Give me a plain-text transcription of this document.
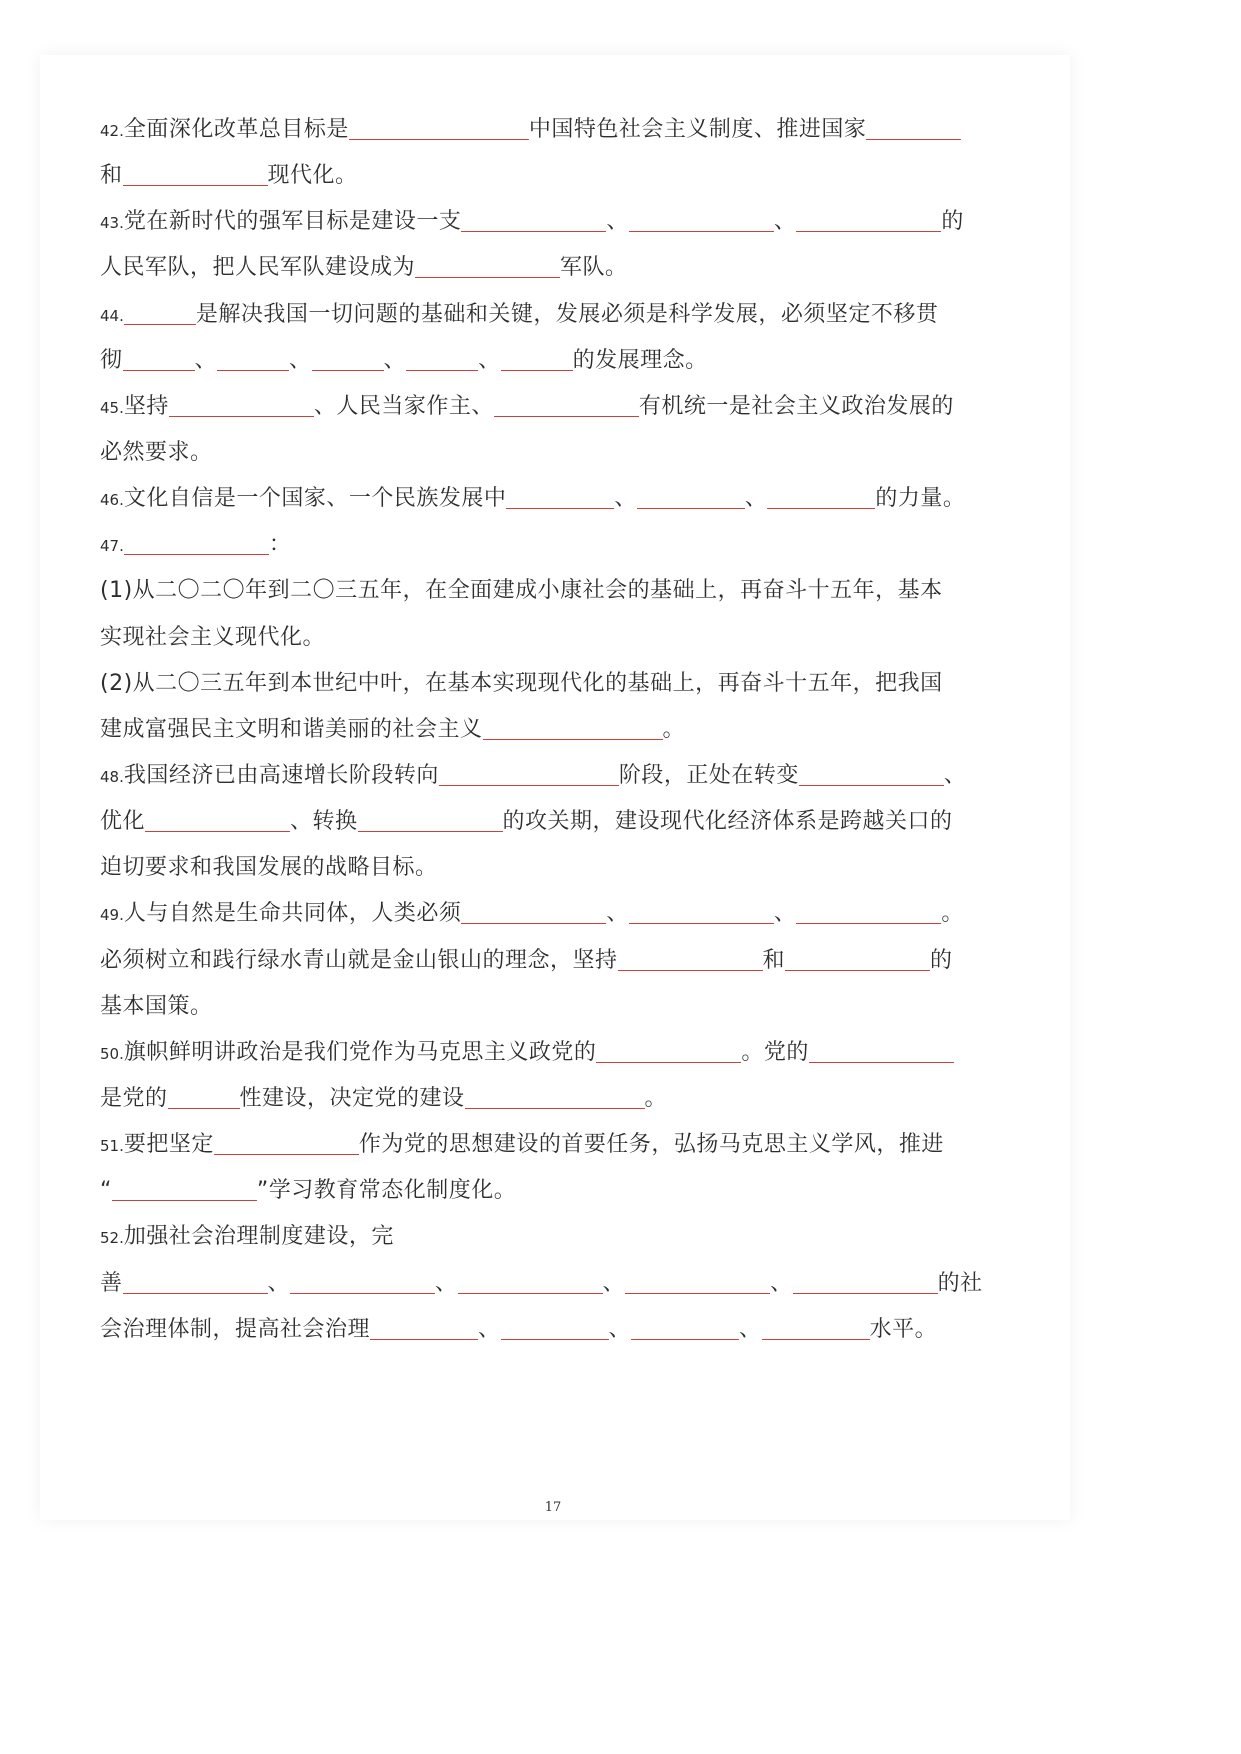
42.全面深化改革总目标是	中国特色社会主义制度、推进国家
和	现代化。
43.党在新时代的强军目标是建设一支	、	、	的
人民军队，把人民军队建设成为	军队。
44.	是解决我国一切问题的基础和关键，发展必须是科学发展，必须坚定不移贯
彻	、	、	、	、	的发展理念。
45.坚持	、人民当家作主、	有机统一是社会主义政治发展的
必然要求。
46.文化自信是一个国家、一个民族发展中	、	、	的力量。
47.	：
(1)从二〇二〇年到二〇三五年，在全面建成小康社会的基础上，再奋斗十五年，基本
实现社会主义现代化。
(2)从二〇三五年到本世纪中叶，在基本实现现代化的基础上，再奋斗十五年，把我国
建成富强民主文明和谐美丽的社会主义	。
48.我国经济已由高速增长阶段转向	阶段，正处在转变	、
优化	、转换	的攻关期，建设现代化经济体系是跨越关口的
迫切要求和我国发展的战略目标。
49.人与自然是生命共同体，人类必须	、	、	。
必须树立和践行绿水青山就是金山银山的理念，坚持	和	的
基本国策。
50.旗帜鲜明讲政治是我们党作为马克思主义政党的	。党的
是党的	性建设，决定党的建设	。
51.要把坚定	作为党的思想建设的首要任务，弘扬马克思主义学风，推进
“	”学习教育常态化制度化。
52.加强社会治理制度建设，完
善	、	、	、	、	的社
会治理体制，提高社会治理	、	、	、	水平。
17
